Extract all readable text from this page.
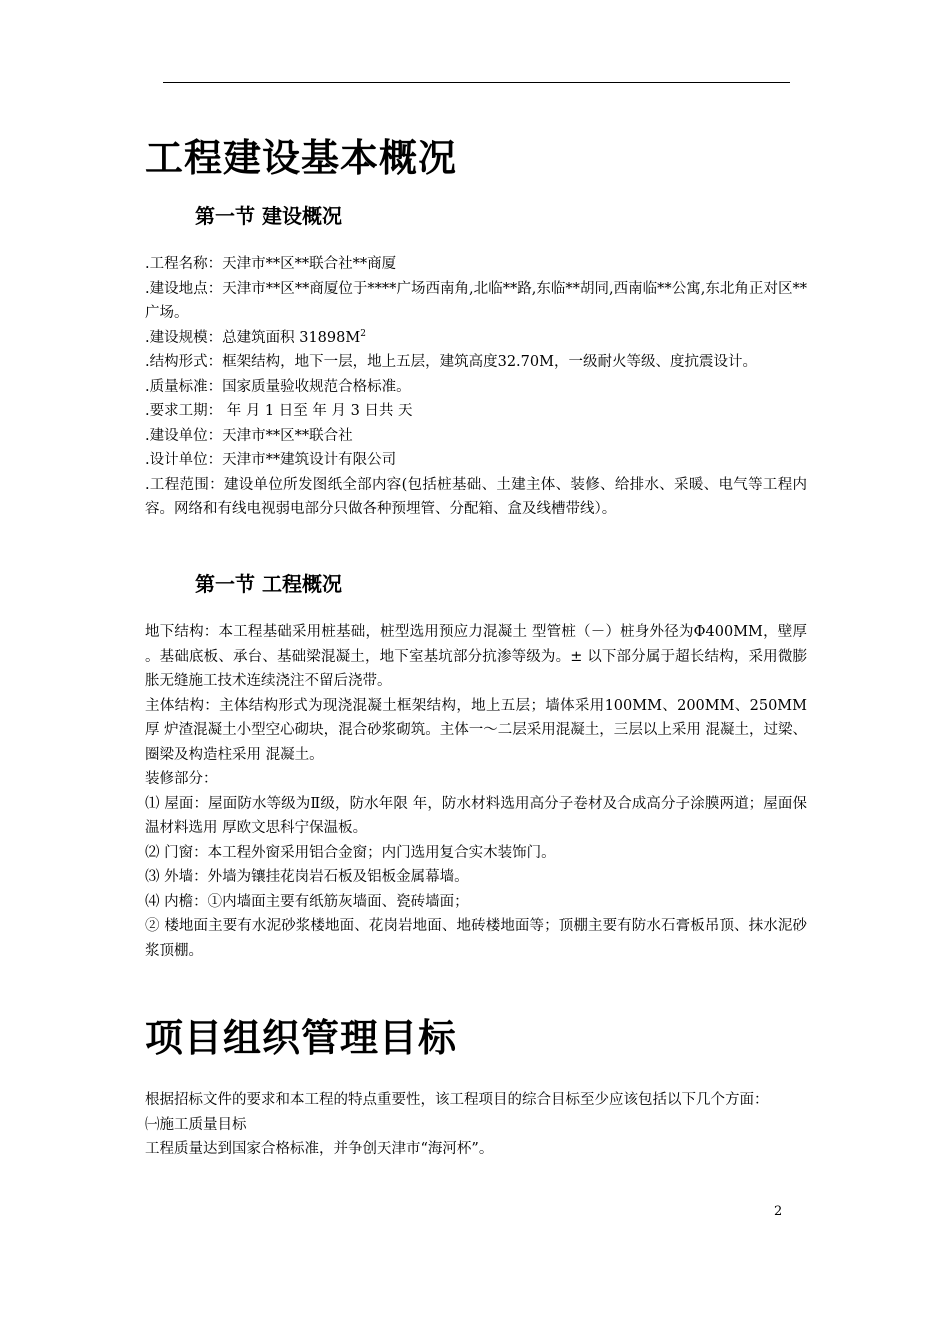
工程建设基本概况
第一节 建设概况

.工程名称：天津市**区**联合社**商厦

.建设地点：天津市**区**商厦位于****广场西南角,北临**路,东临**胡同,西南临**公寓,东北角正对区**广场。

.建设规模：总建筑面积 $31898M^2$

.结构形式：框架结构，地下一层，地上五层，建筑高度32.70M，一级耐火等级、度抗震设计。

.质量标准：国家质量验收规范合格标准。

.要求工期： 年 月 1 日至 年 月 3 日共 天

.建设单位：天津市**区**联合社

.设计单位：天津市**建筑设计有限公司

.工程范围：建设单位所发图纸全部内容(包括桩基础、土建主体、装修、给排水、采暖、电气等工程内容。网络和有线电视弱电部分只做各种预埋管、分配箱、盒及线槽带线）。

第一节 工程概况

地下结构：本工程基础采用桩基础，桩型选用预应力混凝土 型管桩（－）桩身外径为Φ400MM，壁厚 。基础底板、承台、基础梁混凝土，地下室基坑部分抗渗等级为。± 以下部分属于超长结构，采用微膨胀无缝施工技术连续浇注不留后浇带。

主体结构：主体结构形式为现浇混凝土框架结构，地上五层；墙体采用100MM、200MM、250MM 厚 炉渣混凝土小型空心砌块，混合砂浆砌筑。主体一～二层采用混凝土，三层以上采用 混凝土，过梁、圈梁及构造柱采用 混凝土。

装修部分：

⑴ 屋面：屋面防水等级为Ⅱ级，防水年限 年，防水材料选用高分子卷材及合成高分子涂膜两道；屋面保温材料选用 厚欧文思科宁保温板。

⑵ 门窗：本工程外窗采用铝合金窗；内门选用复合实木装饰门。

⑶ 外墙：外墙为镶挂花岗岩石板及铝板金属幕墙。

⑷ 内檐：①内墙面主要有纸筋灰墙面、瓷砖墙面；

② 楼地面主要有水泥砂浆楼地面、花岗岩地面、地砖楼地面等；顶棚主要有防水石膏板吊顶、抹水泥砂浆顶棚。

项目组织管理目标

根据招标文件的要求和本工程的特点重要性，该工程项目的综合目标至少应该包括以下几个方面：

㈠施工质量目标

工程质量达到国家合格标准，并争创天津市“海河杯”。

2
